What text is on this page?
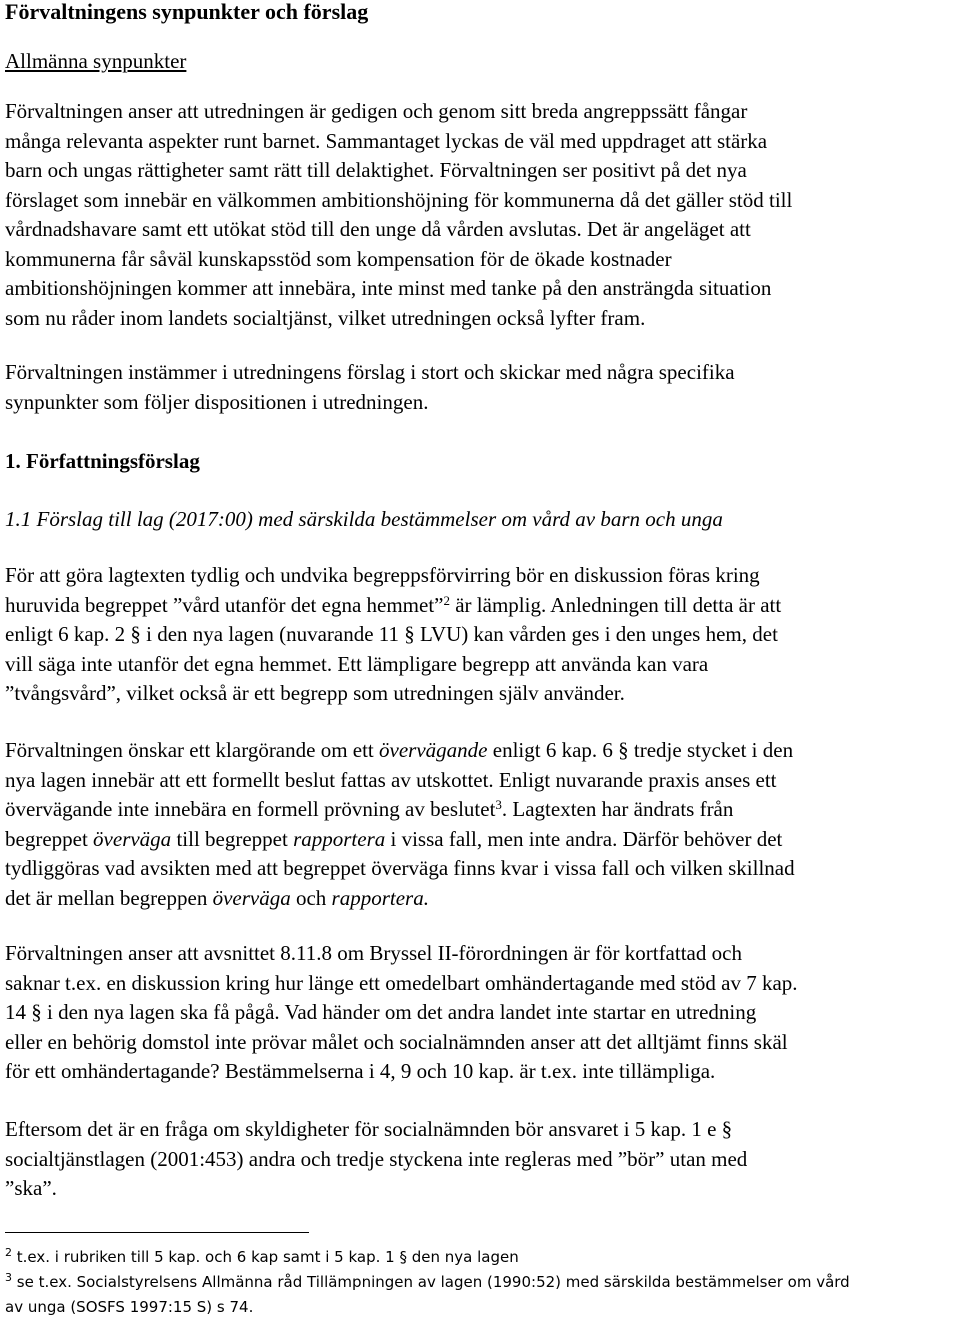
Förvaltningens synpunkter och förslag
Allmänna synpunkter
Förvaltningen anser att utredningen är gedigen och genom sitt breda angreppssätt fångar
många relevanta aspekter runt barnet. Sammantaget lyckas de väl med uppdraget att stärka
barn och ungas rättigheter samt rätt till delaktighet. Förvaltningen ser positivt på det nya
förslaget som innebär en välkommen ambitionshöjning för kommunerna då det gäller stöd till
vårdnadshavare samt ett utökat stöd till den unge då vården avslutas. Det är angeläget att
kommunerna får såväl kunskapsstöd som kompensation för de ökade kostnader
ambitionshöjningen kommer att innebära, inte minst med tanke på den ansträngda situation
som nu råder inom landets socialtjänst, vilket utredningen också lyfter fram.
Förvaltningen instämmer i utredningens förslag i stort och skickar med några specifika
synpunkter som följer dispositionen i utredningen.
1. Författningsförslag
1.1 Förslag till lag (2017:00) med särskilda bestämmelser om vård av barn och unga
För att göra lagtexten tydlig och undvika begreppsförvirring bör en diskussion föras kring
huruvida begreppet ”vård utanför det egna hemmet”$^2$ är lämplig. Anledningen till detta är att
enligt 6 kap. 2 § i den nya lagen (nuvarande 11 § LVU) kan vården ges i den unges hem, det
vill säga inte utanför det egna hemmet. Ett lämpligare begrepp att använda kan vara
”tvångsvård”, vilket också är ett begrepp som utredningen själv använder.
Förvaltningen önskar ett klargörande om ett övervägande enligt 6 kap. 6 § tredje stycket i den
nya lagen innebär att ett formellt beslut fattas av utskottet. Enligt nuvarande praxis anses ett
övervägande inte innebära en formell prövning av beslutet$^3$. Lagtexten har ändrats från
begreppet överväga till begreppet rapportera i vissa fall, men inte andra. Därför behöver det
tydliggöras vad avsikten med att begreppet överväga finns kvar i vissa fall och vilken skillnad
det är mellan begreppen överväga och rapportera.
Förvaltningen anser att avsnittet 8.11.8 om Bryssel II-förordningen är för kortfattad och
saknar t.ex. en diskussion kring hur länge ett omedelbart omhändertagande med stöd av 7 kap.
14 § i den nya lagen ska få pågå. Vad händer om det andra landet inte startar en utredning
eller en behörig domstol inte prövar målet och socialnämnden anser att det alltjämt finns skäl
för ett omhändertagande? Bestämmelserna i 4, 9 och 10 kap. är t.ex. inte tillämpliga.
Eftersom det är en fråga om skyldigheter för socialnämnden bör ansvaret i 5 kap. 1 e §
socialtjänstlagen (2001:453) andra och tredje styckena inte regleras med ”bör” utan med
”ska”.
$^2$ t.ex. i rubriken till 5 kap. och 6 kap samt i 5 kap. 1 § den nya lagen
$^3$ se t.ex. Socialstyrelsens Allmänna råd Tillämpningen av lagen (1990:52) med särskilda bestämmelser om vård
av unga (SOSFS 1997:15 S) s 74.
